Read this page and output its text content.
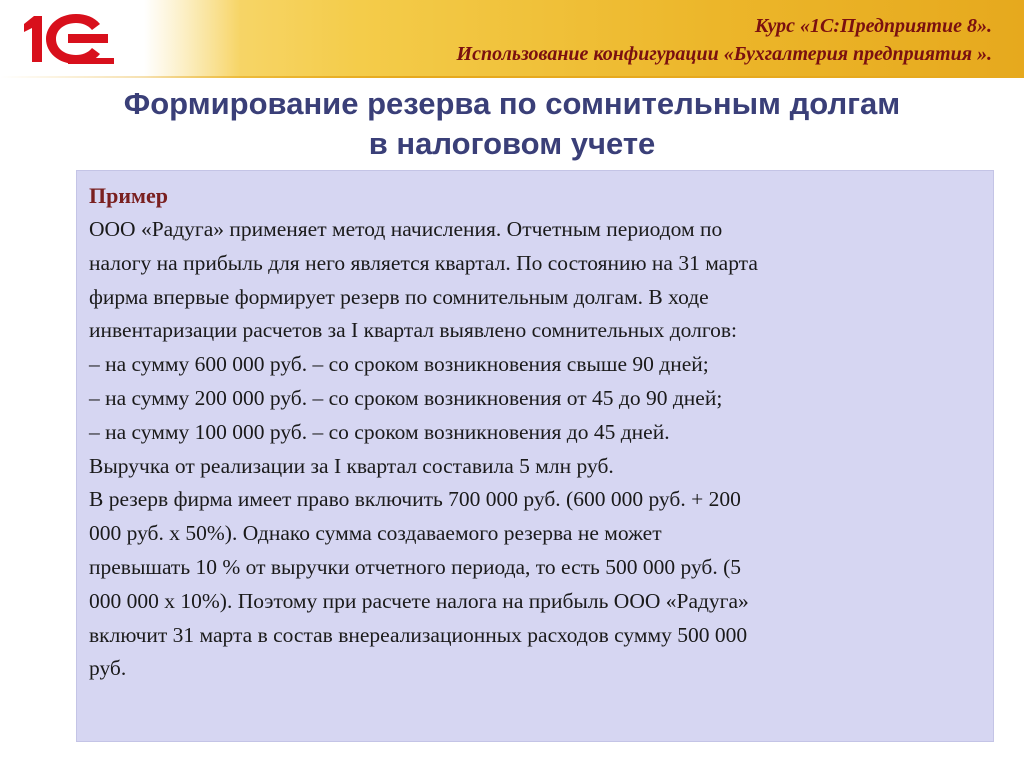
Курс «1С:Предприятие 8».
Использование конфигурации «Бухгалтерия предприятия ».
Формирование резерва по сомнительным долгам
в налоговом учете
Пример
ООО «Радуга» применяет метод начисления. Отчетным периодом по
налогу на прибыль для него является квартал. По состоянию на 31 марта
фирма впервые формирует резерв по сомнительным долгам. В ходе
инвентаризации расчетов за I квартал выявлено сомнительных долгов:
– на сумму 600 000 руб. – со сроком возникновения свыше 90 дней;
– на сумму 200 000 руб. – со сроком возникновения от 45 до 90 дней;
– на сумму 100 000 руб. – со сроком возникновения до 45 дней.
Выручка от реализации за I квартал составила 5 млн руб.
В резерв фирма имеет право включить 700 000 руб. (600 000 руб. + 200
000 руб. х 50%). Однако сумма создаваемого резерва не может
превышать 10 % от выручки отчетного периода, то есть 500 000 руб. (5
000 000 х 10%). Поэтому при расчете налога на прибыль ООО «Радуга»
включит 31 марта в состав внереализационных расходов сумму 500 000
руб.
